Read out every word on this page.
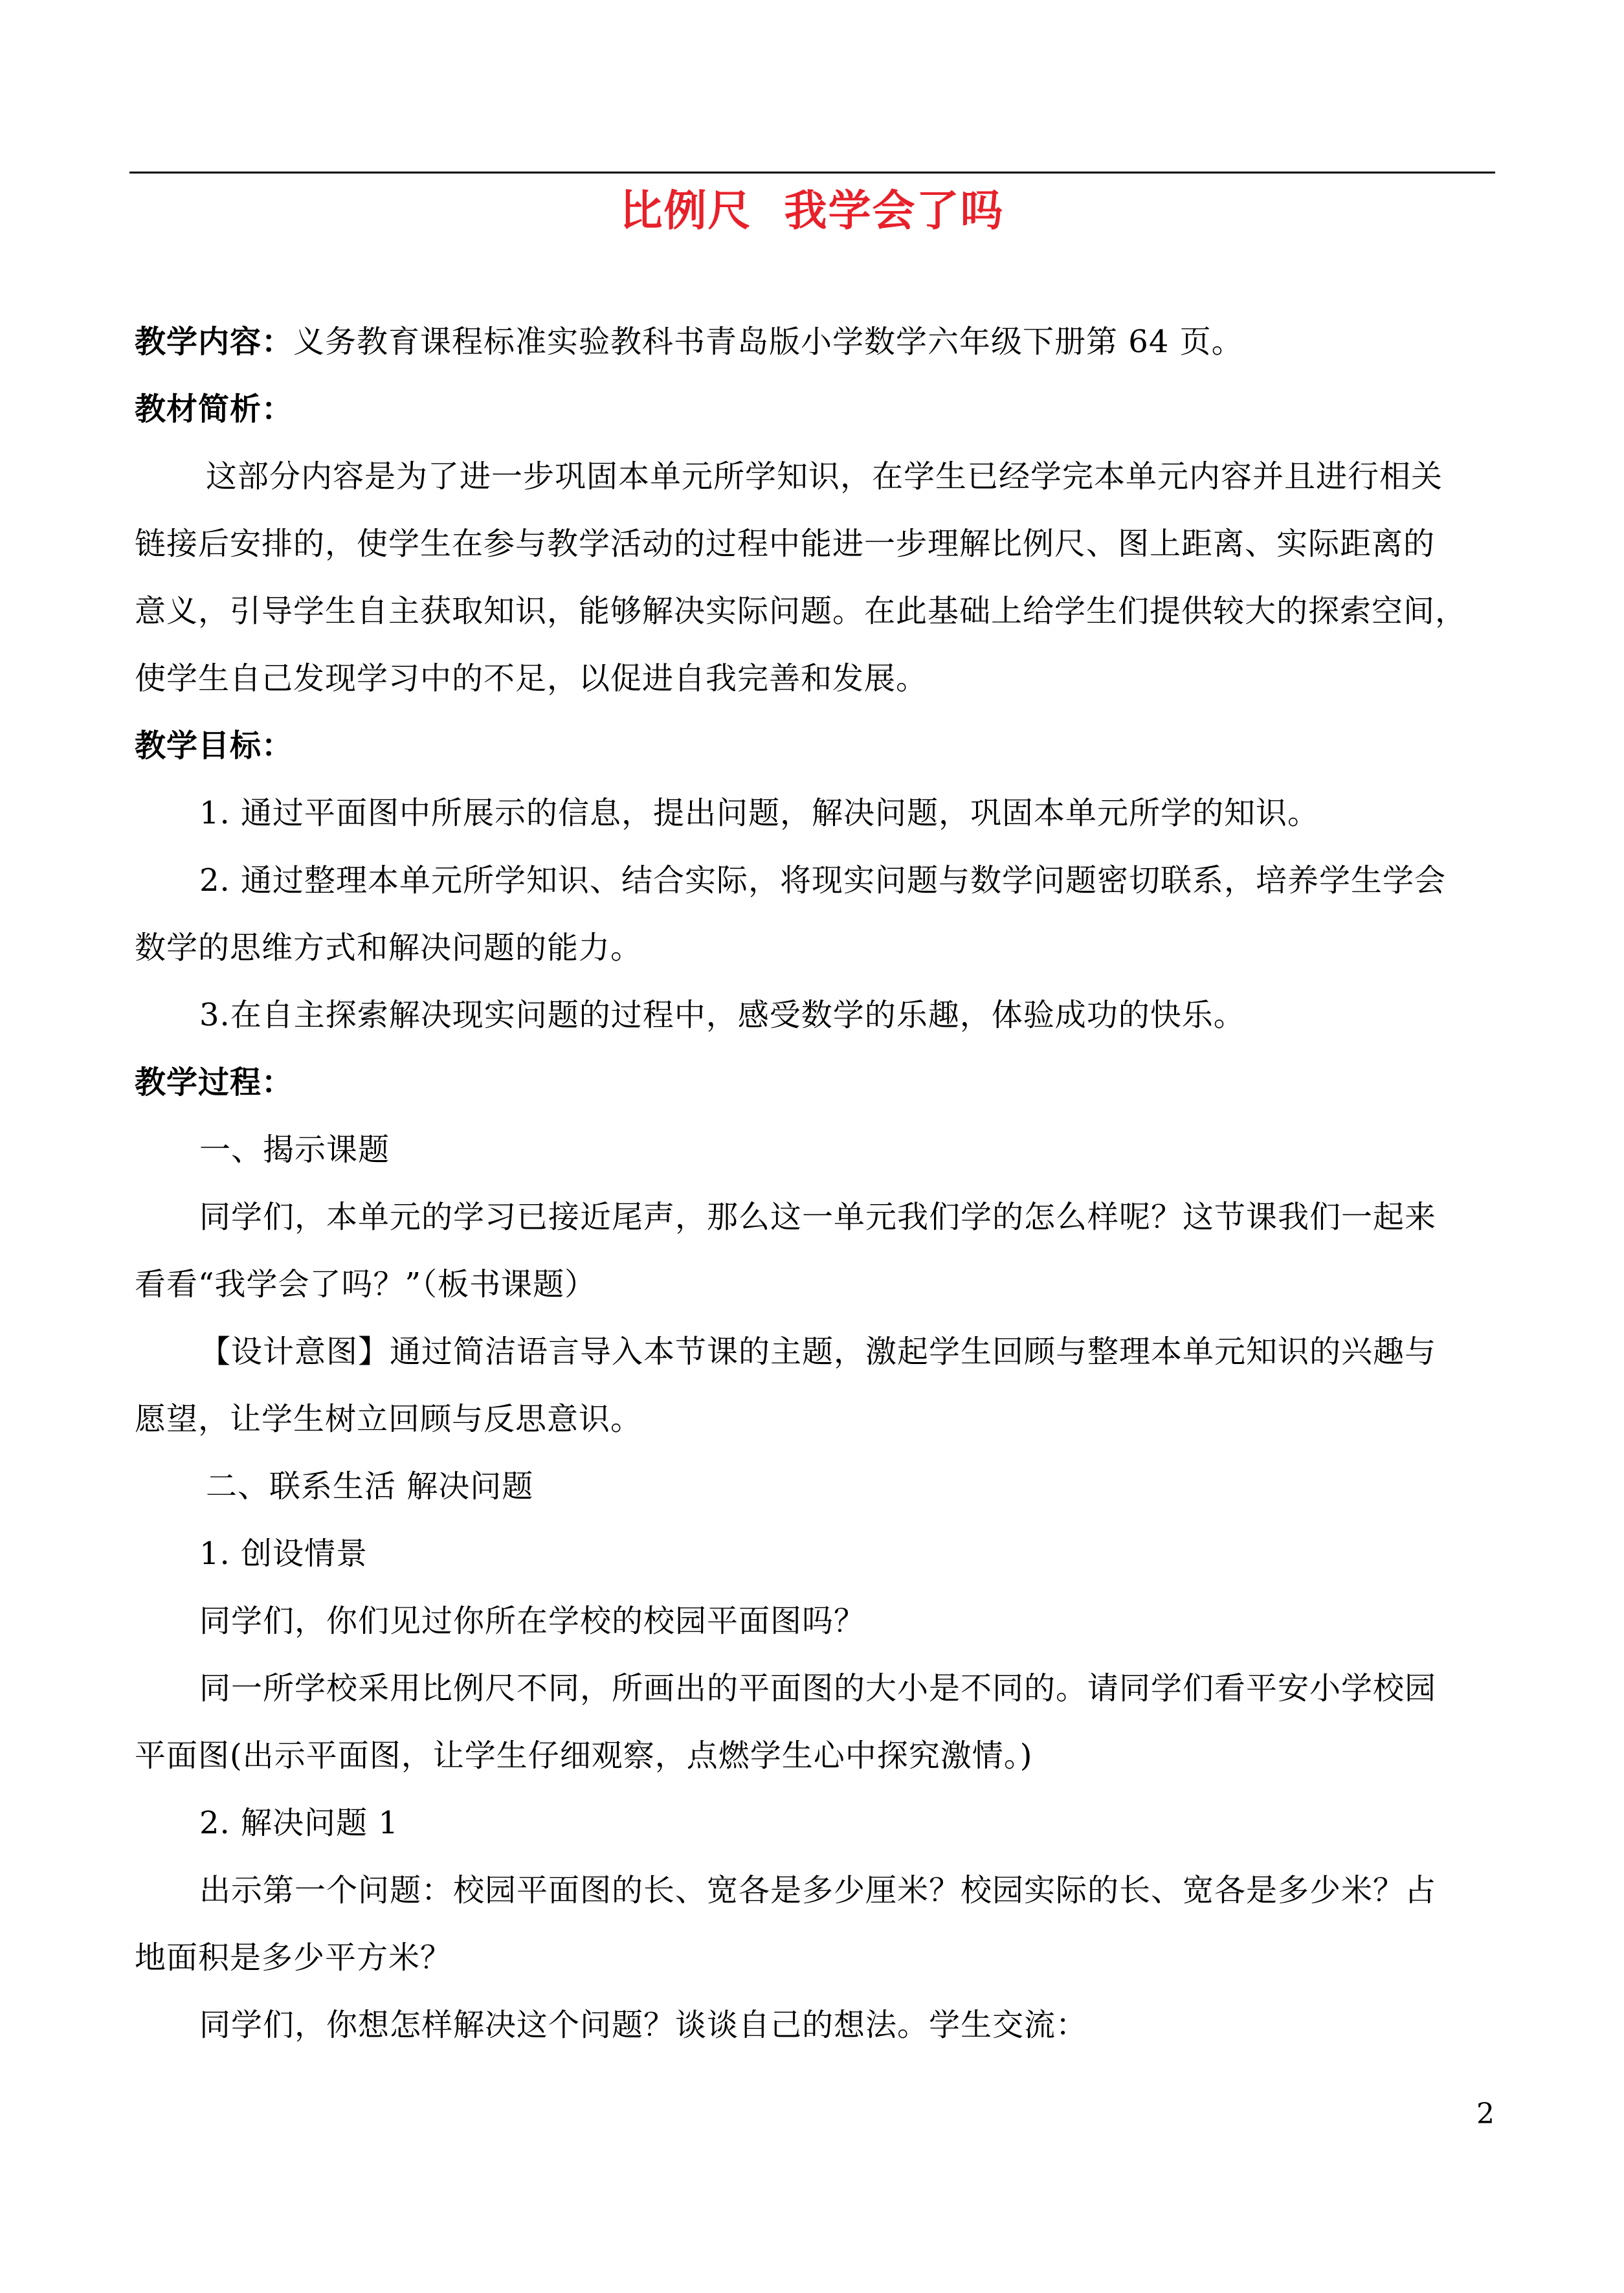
比例尺  我学会了吗
教学内容：义务教育课程标准实验教科书青岛版小学数学六年级下册第 64 页。
教材简析：
这部分内容是为了进一步巩固本单元所学知识，在学生已经学完本单元内容并且进行相关
链接后安排的，使学生在参与教学活动的过程中能进一步理解比例尺、图上距离、实际距离的
意义，引导学生自主获取知识，能够解决实际问题。在此基础上给学生们提供较大的探索空间，
使学生自己发现学习中的不足，以促进自我完善和发展。
教学目标：
1. 通过平面图中所展示的信息，提出问题，解决问题，巩固本单元所学的知识。
2. 通过整理本单元所学知识、结合实际，将现实问题与数学问题密切联系，培养学生学会
数学的思维方式和解决问题的能力。
3.在自主探索解决现实问题的过程中，感受数学的乐趣，体验成功的快乐。
教学过程：
一、揭示课题
同学们，本单元的学习已接近尾声，那么这一单元我们学的怎么样呢？这节课我们一起来
看看“我学会了吗？”（板书课题）
【设计意图】通过简洁语言导入本节课的主题，激起学生回顾与整理本单元知识的兴趣与
愿望，让学生树立回顾与反思意识。
二、联系生活 解决问题
1. 创设情景
同学们，你们见过你所在学校的校园平面图吗？
同一所学校采用比例尺不同，所画出的平面图的大小是不同的。请同学们看平安小学校园
平面图(出示平面图，让学生仔细观察，点燃学生心中探究激情。)
2. 解决问题 1
出示第一个问题：校园平面图的长、宽各是多少厘米？校园实际的长、宽各是多少米？占
地面积是多少平方米？
同学们，你想怎样解决这个问题？谈谈自己的想法。学生交流：
2
